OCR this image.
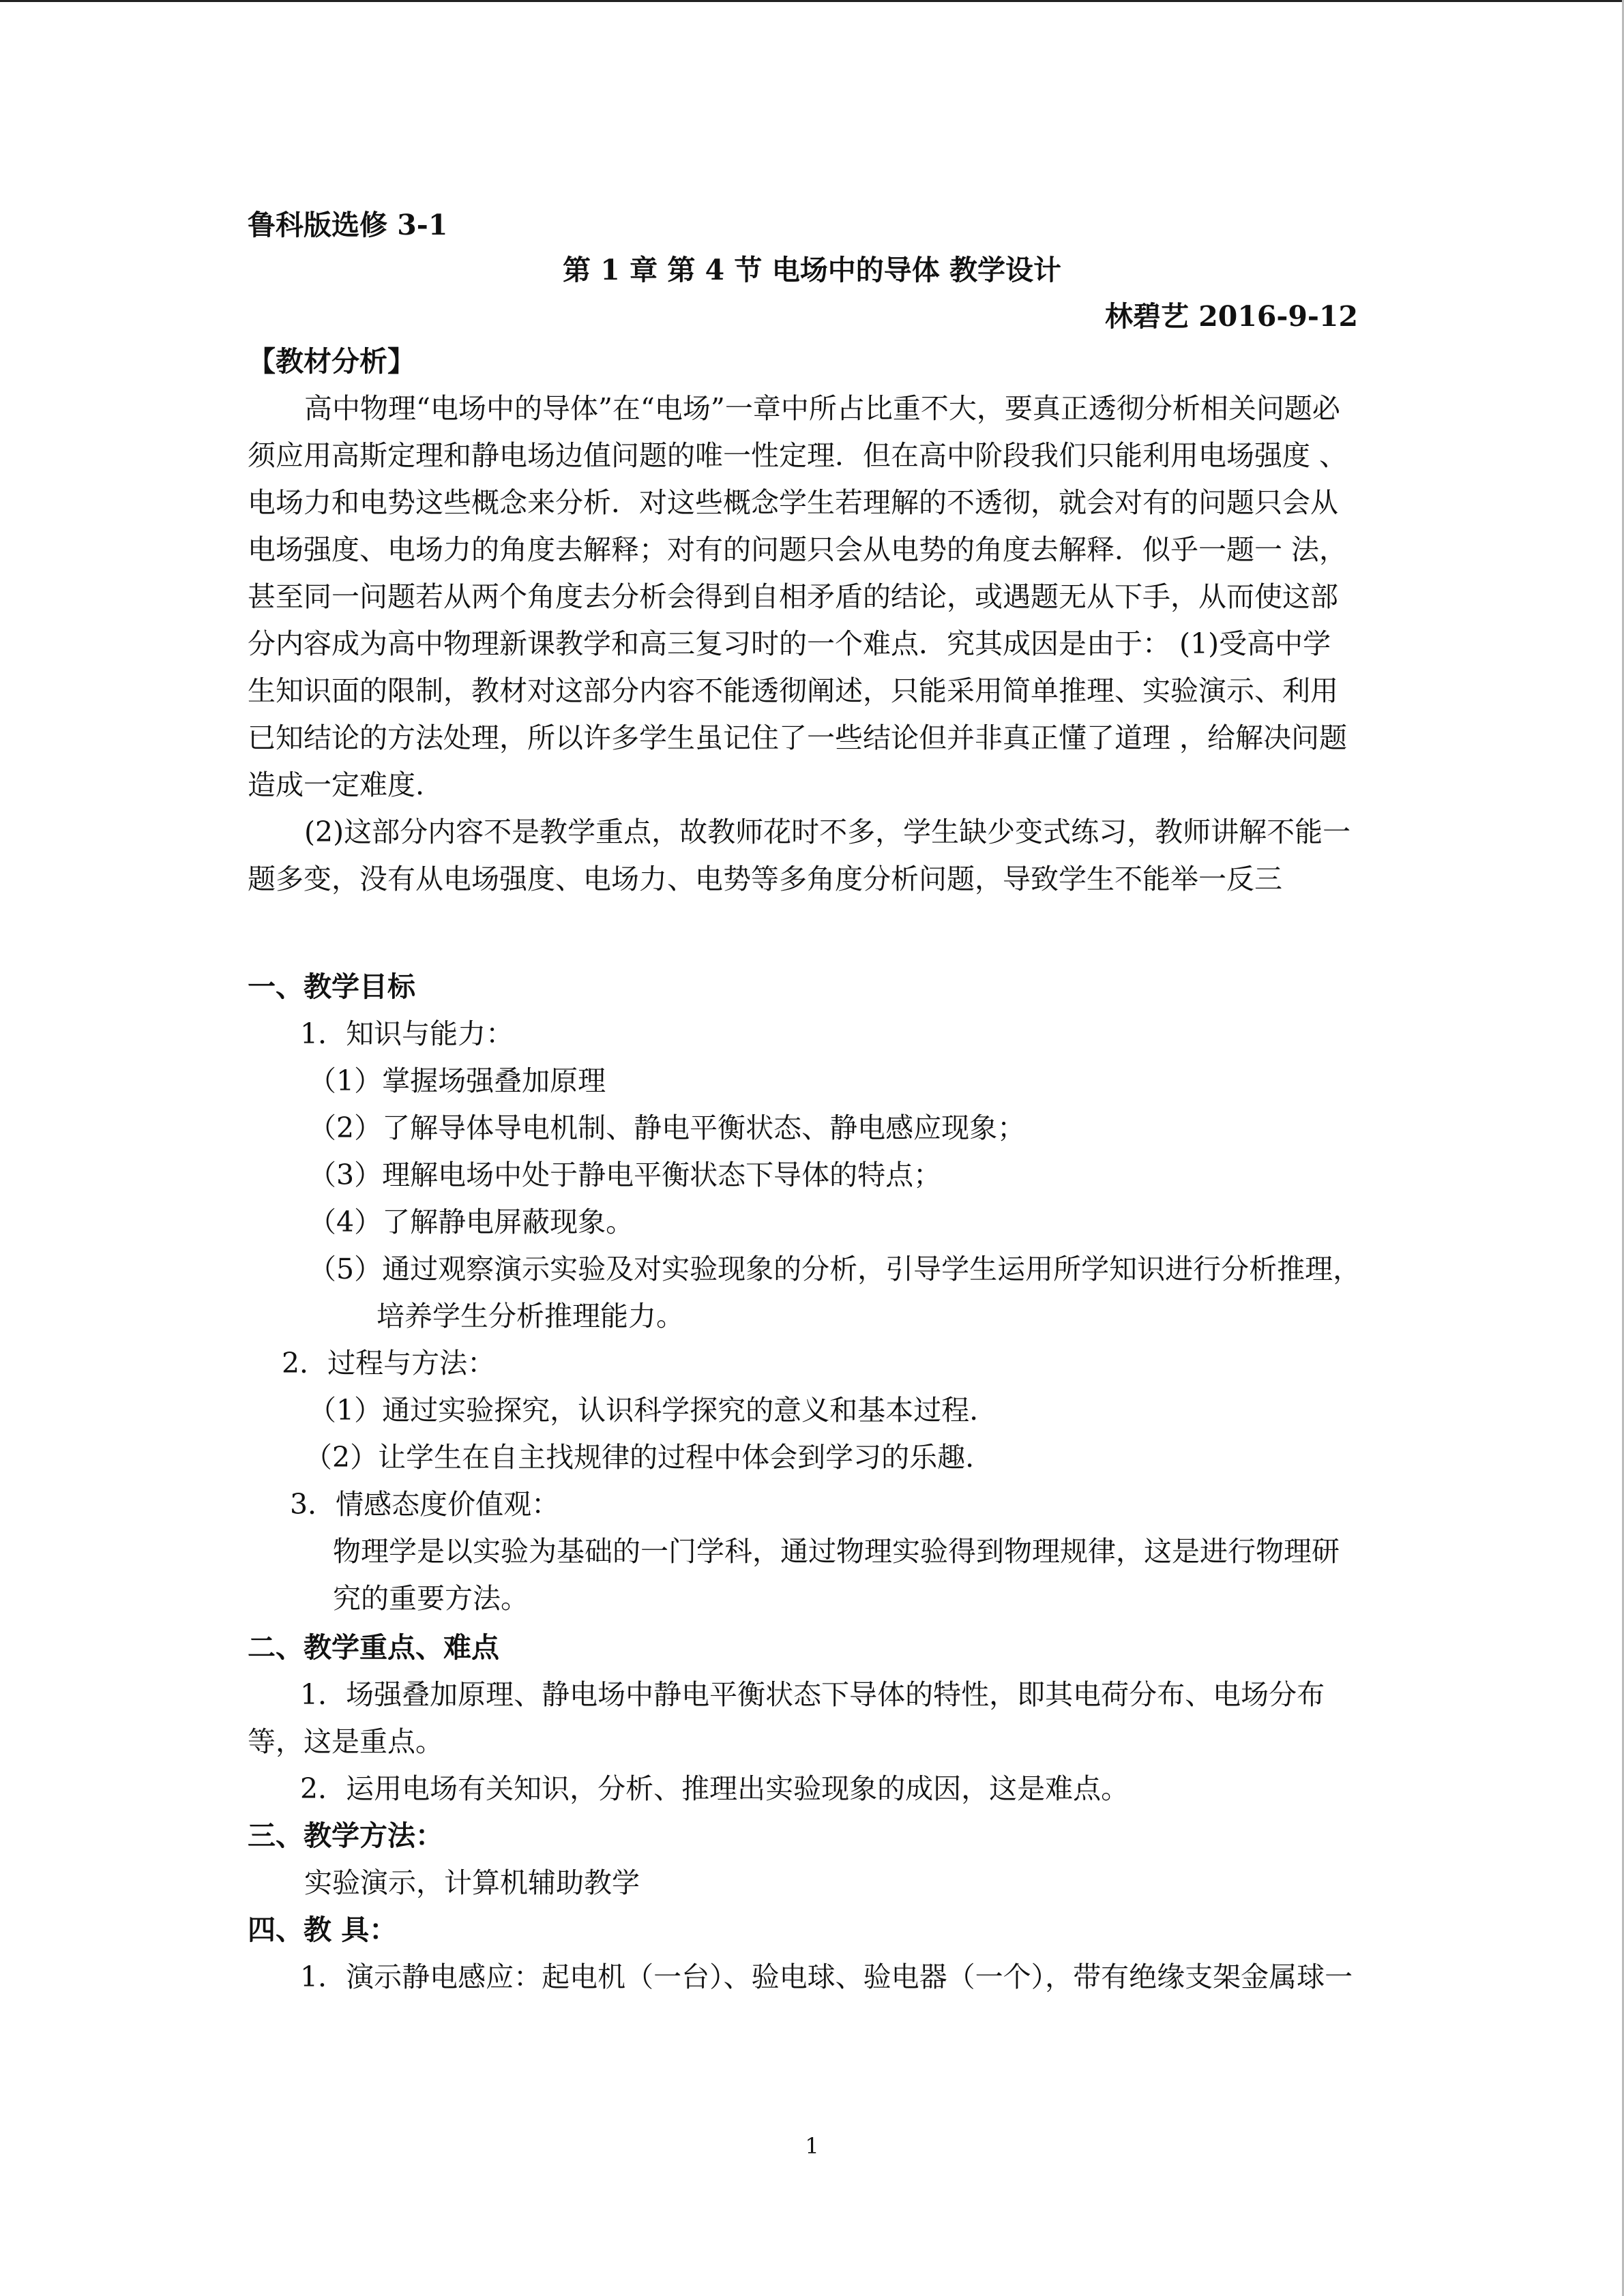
鲁科版选修 3-1
第 1 章 第 4 节 电场中的导体 教学设计
林碧艺 2016-9-12
【教材分析】
高中物理“电场中的导体”在“电场”一章中所占比重不大，要真正透彻分析相关问题必
须应用高斯定理和静电场边值问题的唯一性定理．但在高中阶段我们只能利用电场强度 、
电场力和电势这些概念来分析．对这些概念学生若理解的不透彻，就会对有的问题只会从
电场强度、电场力的角度去解释；对有的问题只会从电势的角度去解释．似乎一题一 法，
甚至同一问题若从两个角度去分析会得到自相矛盾的结论，或遇题无从下手，从而使这部
分内容成为高中物理新课教学和高三复习时的一个难点．究其成因是由于： (1)受高中学
生知识面的限制，教材对这部分内容不能透彻阐述，只能采用简单推理、实验演示、利用
已知结论的方法处理，所以许多学生虽记住了一些结论但并非真正懂了道理 ，给解决问题
造成一定难度.
(2)这部分内容不是教学重点，故教师花时不多，学生缺少变式练习，教师讲解不能一
题多变，没有从电场强度、电场力、电势等多角度分析问题，导致学生不能举一反三
一、教学目标
1．知识与能力：
（1）掌握场强叠加原理
（2）了解导体导电机制、静电平衡状态、静电感应现象；
（3）理解电场中处于静电平衡状态下导体的特点；
（4）了解静电屏蔽现象。
（5）通过观察演示实验及对实验现象的分析，引导学生运用所学知识进行分析推理，
培养学生分析推理能力。
2．过程与方法：
（1）通过实验探究，认识科学探究的意义和基本过程.
（2）让学生在自主找规律的过程中体会到学习的乐趣.
3．情感态度价值观：
物理学是以实验为基础的一门学科，通过物理实验得到物理规律，这是进行物理研
究的重要方法。
二、教学重点、难点
1．场强叠加原理、静电场中静电平衡状态下导体的特性，即其电荷分布、电场分布
等，这是重点。
2．运用电场有关知识，分析、推理出实验现象的成因，这是难点。
三、教学方法：
实验演示，计算机辅助教学
四、教 具：
1．演示静电感应：起电机（一台）、验电球、验电器（一个），带有绝缘支架金属球一
1
